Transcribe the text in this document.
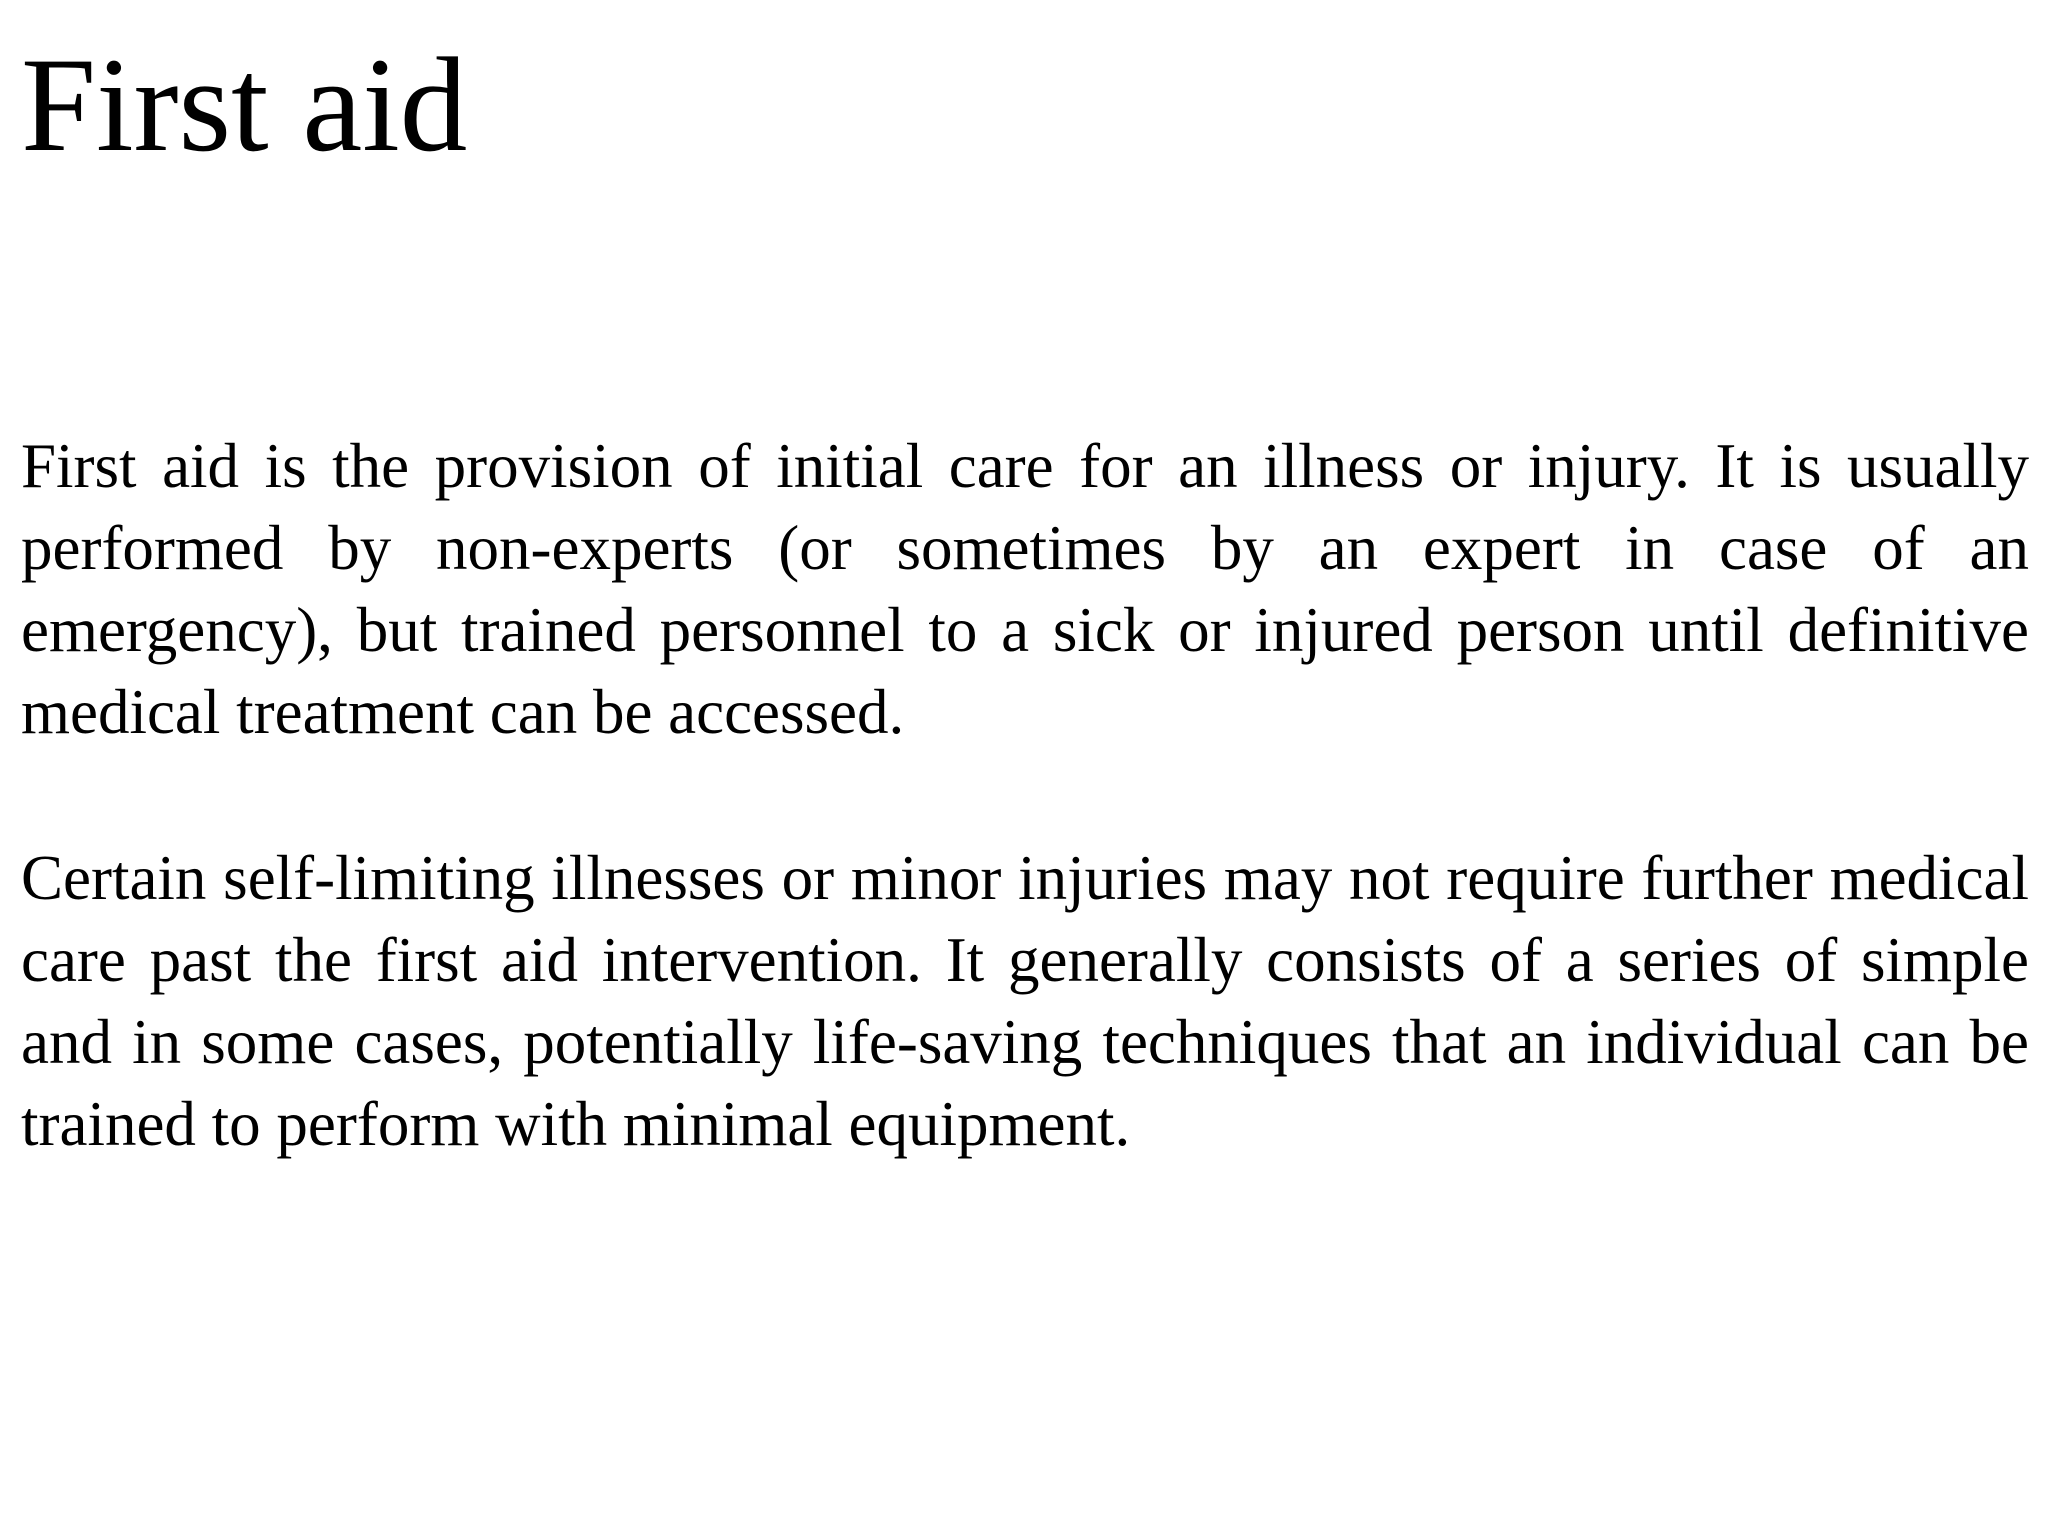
First aid

First aid is the provision of initial care for an illness or injury. It is usually performed by non-experts (or sometimes by an expert in case of an emergency), but trained personnel to a sick or injured person until definitive medical treatment can be accessed.

Certain self-limiting illnesses or minor injuries may not require further medical care past the first aid intervention. It generally consists of a series of simple and in some cases, potentially life-saving techniques that an individual can be trained to perform with minimal equipment.
